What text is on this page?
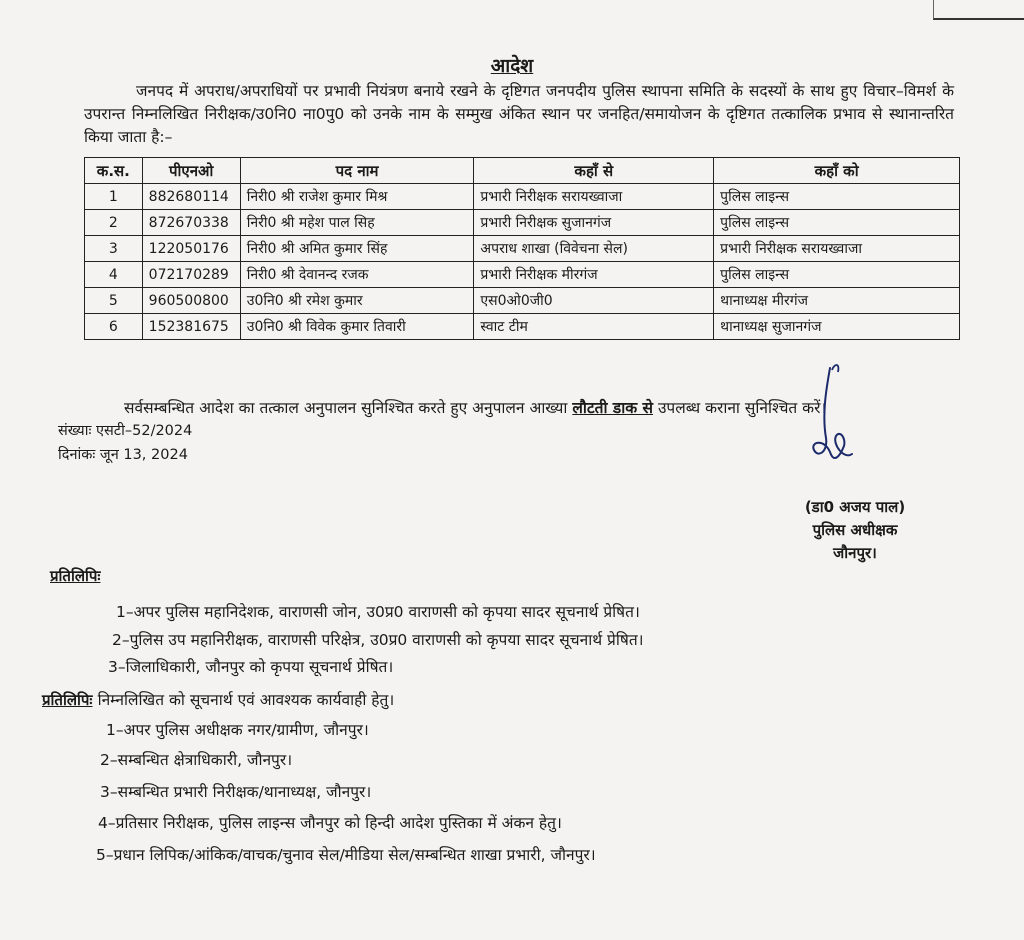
आदेश
जनपद में अपराध/अपराधियों पर प्रभावी नियंत्रण बनाये रखने के दृष्टिगत जनपदीय पुलिस स्थापना समिति के सदस्यों के साथ हुए विचार–विमर्श के उपरान्त निम्नलिखित निरीक्षक/उ0नि0 ना0पु0 को उनके नाम के सम्मुख अंकित स्थान पर जनहित/समायोजन के दृष्टिगत तत्कालिक प्रभाव से स्थानान्तरित किया जाता है:–
क.स.	पीएनओ	पद नाम	कहॉं से	कहॉं को
1	882680114	निरी0 श्री राजेश कुमार मिश्र	प्रभारी निरीक्षक सरायख्वाजा	पुलिस लाइन्स
2	872670338	निरी0 श्री महेश पाल सिह	प्रभारी निरीक्षक सुजानगंज	पुलिस लाइन्स
3	122050176	निरी0 श्री अमित कुमार सिंह	अपराध शाखा (विवेचना सेल)	प्रभारी निरीक्षक सरायख्वाजा
4	072170289	निरी0 श्री देवानन्द रजक	प्रभारी निरीक्षक मीरगंज	पुलिस लाइन्स
5	960500800	उ0नि0 श्री रमेश कुमार	एस0ओ0जी0	थानाध्यक्ष मीरगंज
6	152381675	उ0नि0 श्री विवेक कुमार तिवारी	स्वाट टीम	थानाध्यक्ष सुजानगंज
सर्वसम्बन्धित आदेश का तत्काल अनुपालन सुनिश्चित करते हुए अनुपालन आख्या लौटती डाक से उपलब्ध कराना सुनिश्चित करें।
संख्याः एसटी–52/2024
दिनांकः जून 13, 2024
(डा0 अजय पाल)
पुलिस अधीक्षक
जौनपुर।
प्रतिलिपिः
1–अपर पुलिस महानिदेशक, वाराणसी जोन, उ0प्र0 वाराणसी को कृपया सादर सूचनार्थ प्रेषित।
2–पुलिस उप महानिरीक्षक, वाराणसी परिक्षेत्र, उ0प्र0 वाराणसी को कृपया सादर सूचनार्थ प्रेषित।
3–जिलाधिकारी, जौनपुर को कृपया सूचनार्थ प्रेषित।
प्रतिलिपिः निम्नलिखित को सूचनार्थ एवं आवश्यक कार्यवाही हेतु।
1–अपर पुलिस अधीक्षक नगर/ग्रामीण, जौनपुर।
2–सम्बन्धित क्षेत्राधिकारी, जौनपुर।
3–सम्बन्धित प्रभारी निरीक्षक/थानाध्यक्ष, जौनपुर।
4–प्रतिसार निरीक्षक, पुलिस लाइन्स जौनपुर को हिन्दी आदेश पुस्तिका में अंकन हेतु।
5–प्रधान लिपिक/आंकिक/वाचक/चुनाव सेल/मीडिया सेल/सम्बन्धित शाखा प्रभारी, जौनपुर।
